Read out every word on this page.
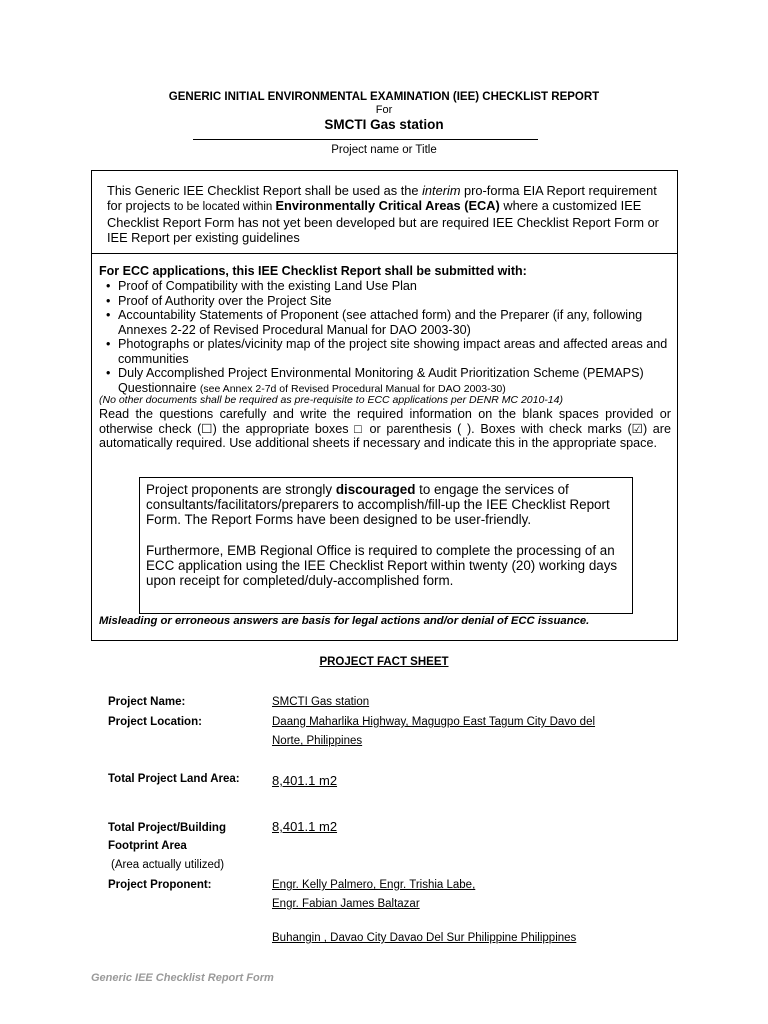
GENERIC INITIAL ENVIRONMENTAL EXAMINATION (IEE) CHECKLIST REPORT
For
SMCTI Gas station
Project name or Title
This Generic IEE Checklist Report shall be used as the interim pro-forma EIA Report requirement for projects to be located within Environmentally Critical Areas (ECA) where a customized IEE Checklist Report Form has not yet been developed but are required IEE Checklist Report Form or IEE Report per existing guidelines
For ECC applications, this IEE Checklist Report shall be submitted with:
• Proof of Compatibility with the existing Land Use Plan
• Proof of Authority over the Project Site
• Accountability Statements of Proponent (see attached form) and the Preparer (if any, following Annexes 2-22 of Revised Procedural Manual for DAO 2003-30)
• Photographs or plates/vicinity map of the project site showing impact areas and affected areas and communities
• Duly Accomplished Project Environmental Monitoring & Audit Prioritization Scheme (PEMAPS) Questionnaire (see Annex 2-7d of Revised Procedural Manual for DAO 2003-30)
(No other documents shall be required as pre-requisite to ECC applications per DENR MC 2010-14)
Read the questions carefully and write the required information on the blank spaces provided or otherwise check (☐) the appropriate boxes □ or parenthesis ( ). Boxes with check marks (☑) are automatically required. Use additional sheets if necessary and indicate this in the appropriate space.

Project proponents are strongly discouraged to engage the services of consultants/facilitators/preparers to accomplish/fill-up the IEE Checklist Report Form. The Report Forms have been designed to be user-friendly.

Furthermore, EMB Regional Office is required to complete the processing of an ECC application using the IEE Checklist Report within twenty (20) working days upon receipt for completed/duly-accomplished form.

Misleading or erroneous answers are basis for legal actions and/or denial of ECC issuance.
PROJECT FACT SHEET
Project Name:	SMCTI Gas station
Project Location:	Daang Maharlika Highway, Magugpo East Tagum City Davo del
Norte, Philippines
Total Project Land Area: 8,401.1 m2
Total Project/Building	8,401.1 m2
Footprint Area
(Area actually utilized)
Project Proponent:	Engr. Kelly Palmero, Engr. Trishia Labe,
Engr. Fabian James Baltazar
Buhangin , Davao City Davao Del Sur Philippine Philippines
Generic IEE Checklist Report Form
